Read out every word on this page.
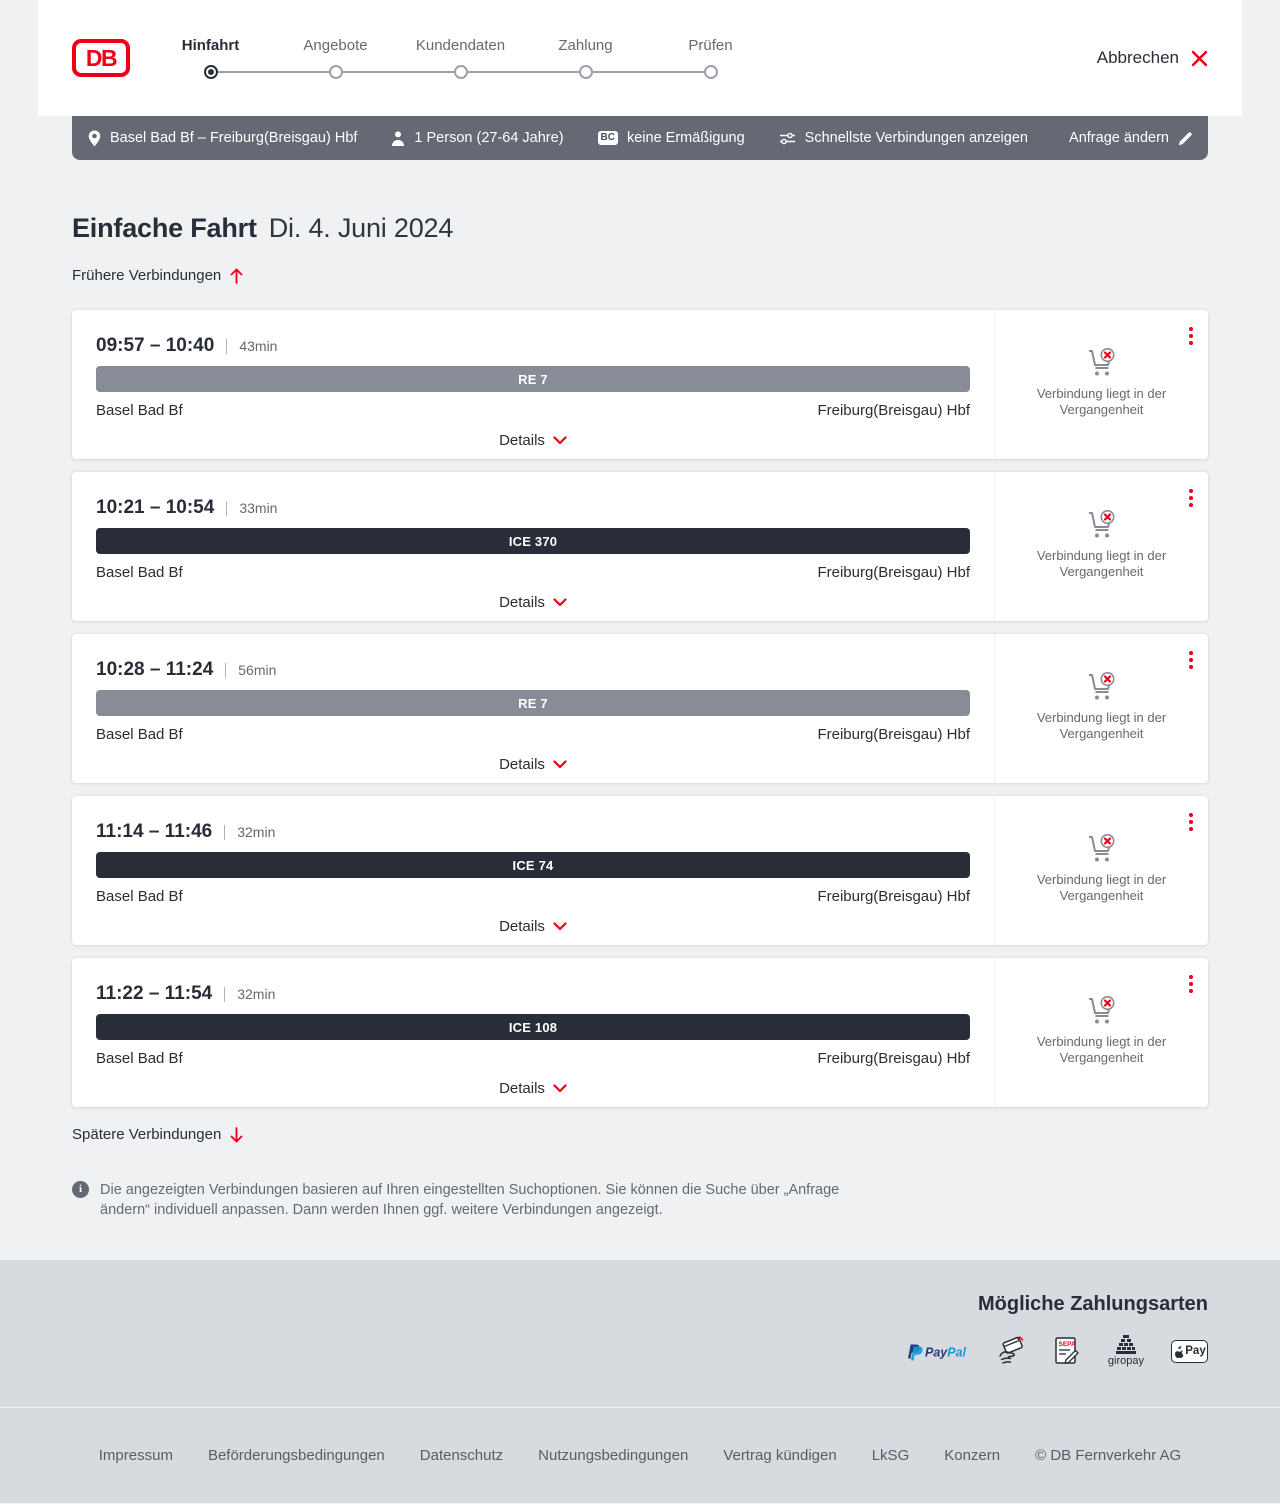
DB	Hinfahrt	Angebote	Kundendaten	Zahlung	Prüfen
Abbrechen
Basel Bad Bf – Freiburg(Breisgau) Hbf	1 Person (27-64 Jahre)	BC keine Ermäßigung	Schnellste Verbindungen anzeigen	Anfrage ändern
Einfache Fahrt Di. 4. Juni 2024
Frühere Verbindungen
09:57 – 10:40 43min
RE 7
Basel Bad Bf	Freiburg(Breisgau) Hbf
Details
Verbindung liegt in der Vergangenheit
10:21 – 10:54 33min
ICE 370
Basel Bad Bf	Freiburg(Breisgau) Hbf
Details
Verbindung liegt in der Vergangenheit
10:28 – 11:24 56min
RE 7
Basel Bad Bf	Freiburg(Breisgau) Hbf
Details
Verbindung liegt in der Vergangenheit
11:14 – 11:46 32min
ICE 74
Basel Bad Bf	Freiburg(Breisgau) Hbf
Details
Verbindung liegt in der Vergangenheit
11:22 – 11:54 32min
ICE 108
Basel Bad Bf	Freiburg(Breisgau) Hbf
Details
Verbindung liegt in der Vergangenheit
Spätere Verbindungen
i	Die angezeigten Verbindungen basieren auf Ihren eingestellten Suchoptionen. Sie können die Suche über „Anfrage ändern“ individuell anpassen. Dann werden Ihnen ggf. weitere Verbindungen angezeigt.
Mögliche Zahlungsarten
PayPal
SEPA
giropay
Pay
Impressum Beförderungsbedingungen Datenschutz Nutzungsbedingungen Vertrag kündigen LkSG Konzern © DB Fernverkehr AG
